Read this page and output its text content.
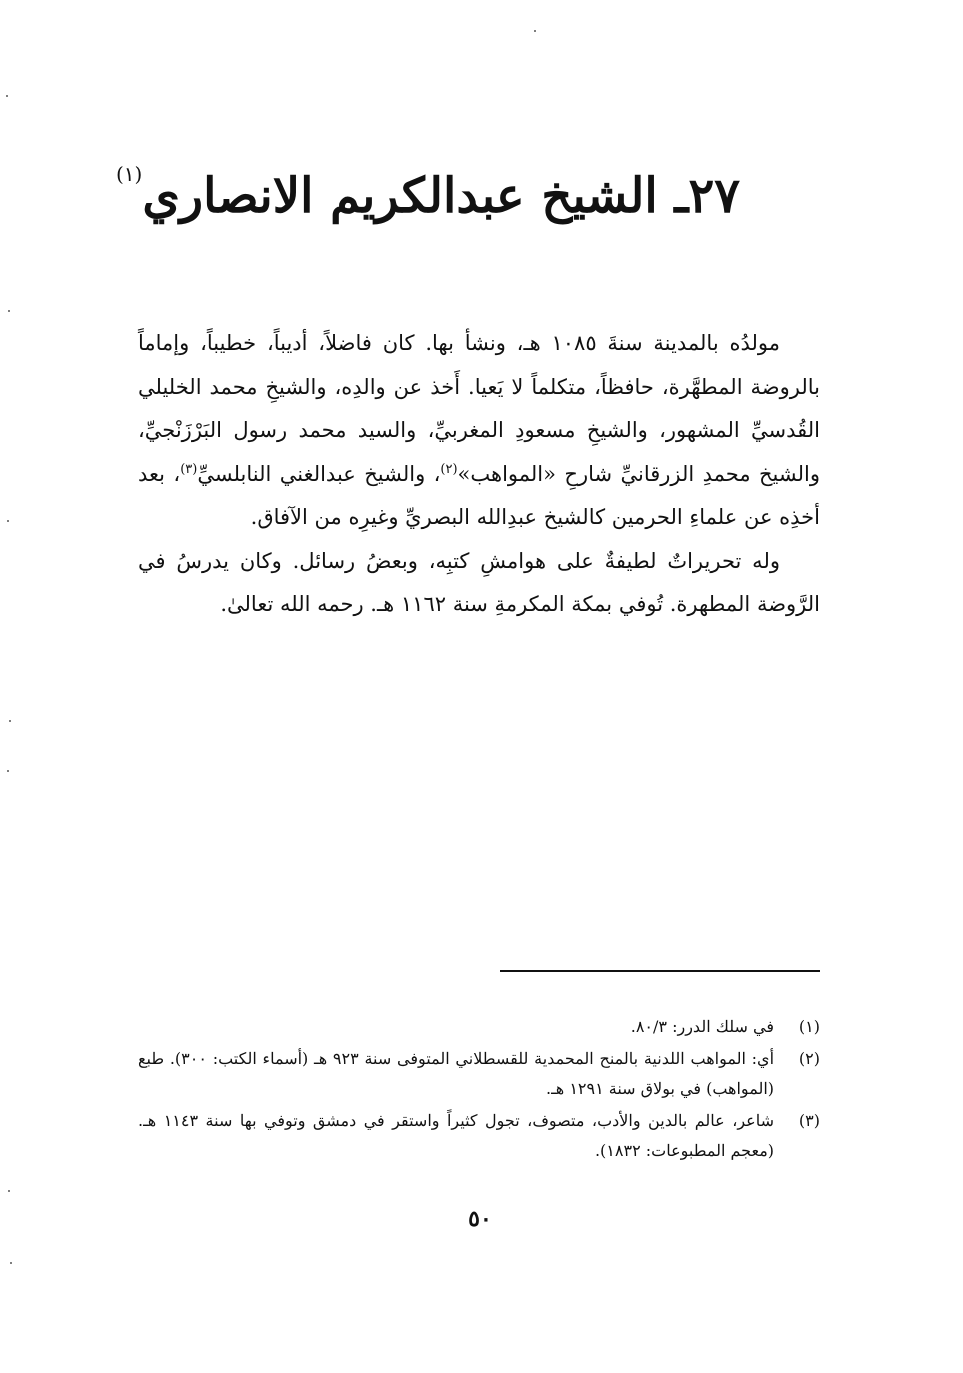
٢٧ـ الشيخ عبدالكريم الانصاري$^{(١)}$

مولدُه بالمدينة سنةَ ١٠٨٥ هـ، ونشأ بها. كان فاضلاً، أديباً، خطيباً، وإماماً بالروضة المطهَّرة، حافظاً، متكلماً لا يَعيا. أَخذ عن والدِه، والشيخِ محمد الخليلي القُدسيِّ المشهور، والشيخِ مسعودِ المغربيِّ، والسيد محمد رسول البَرْزَنْجيِّ، والشيخ محمدِ الزرقانيِّ شارحِ «المواهب»$^{(٢)}$، والشيخ عبدالغني النابلسيِّ$^{(٣)}$، بعد أخذِه عن علماءِ الحرمين كالشيخ عبدِالله البصريِّ وغيرِه من الآفاق.

وله تحريراتٌ لطيفةٌ على هوامشِ كتبِه، وبعضُ رسائل. وكان يدرسُ في الرَّوضة المطهرة. تُوفي بمكة المكرمةِ سنة ١١٦٢ هـ. رحمه الله تعالىٰ.

(١)
في سلك الدرر: ٨٠/٣.
(٢)
أي: المواهب اللدنية بالمنح المحمدية للقسطلاني المتوفى سنة ٩٢٣ هـ (أسماء الكتب: ٣٠٠). طبع (المواهب) في بولاق سنة ١٢٩١ هـ.
(٣)
شاعر، عالم بالدين والأدب، متصوف، تجول كثيراً واستقر في دمشق وتوفي بها سنة ١١٤٣ هـ. (معجم المطبوعات: ١٨٣٢).
٥٠
